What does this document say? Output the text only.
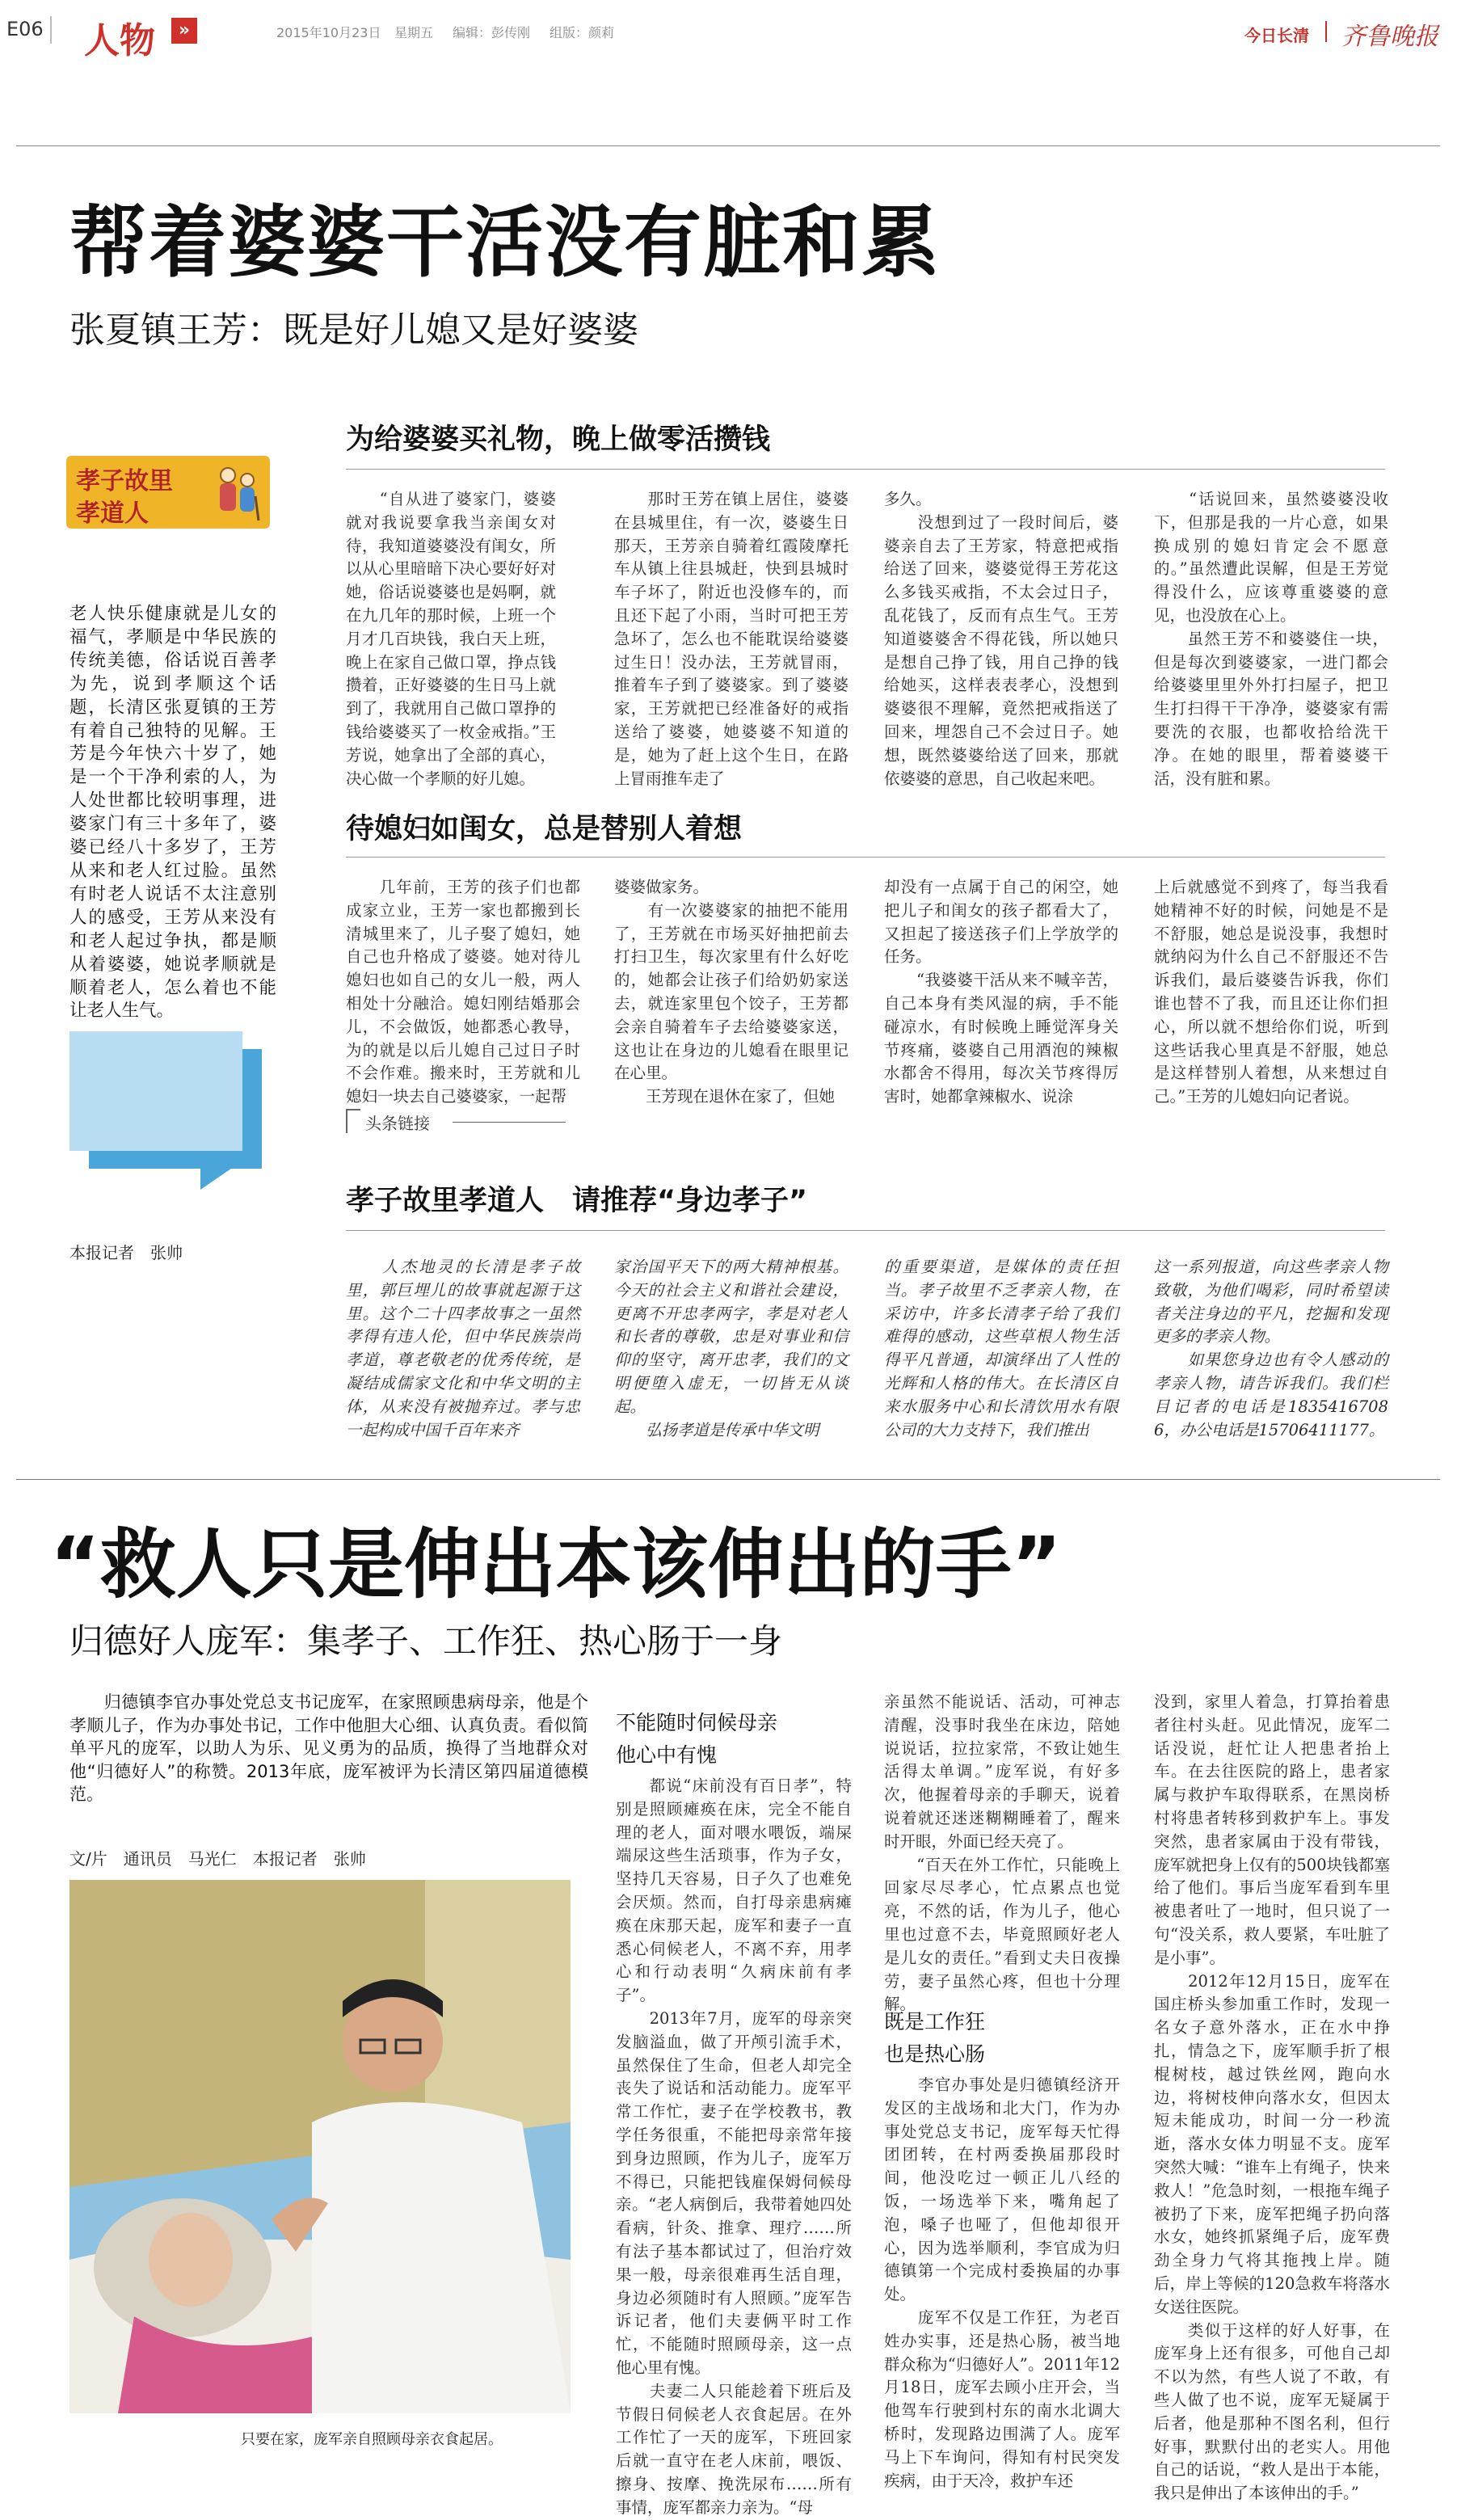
E06 人物	»	2015年10月23日 星期五 编辑：彭传刚 组版：颜莉	今日长清 齐鲁晚报
帮着婆婆干活没有脏和累
张夏镇王芳：既是好儿媳又是好婆婆
孝子故里
孝道人
老人快乐健康就是儿女的福气，孝顺是中华民族的传统美德，俗话说百善孝为先，说到孝顺这个话题，长清区张夏镇的王芳有着自己独特的见解。王芳是今年快六十岁了，她是一个干净利索的人，为人处世都比较明事理，进婆家门有三十多年了，婆婆已经八十多岁了，王芳从来和老人红过脸。虽然有时老人说话不太注意别人的感受，王芳从来没有和老人起过争执，都是顺从着婆婆，她说孝顺就是顺着老人，怎么着也不能让老人生气。
本报记者　张帅
为给婆婆买礼物，晚上做零活攒钱
　　“自从进了婆家门，婆婆就对我说要拿我当亲闺女对待，我知道婆婆没有闺女，所以从心里暗暗下决心要好好对她，俗话说婆婆也是妈啊，就在九几年的那时候，上班一个月才几百块钱，我白天上班，晚上在家自己做口罩，挣点钱攒着，正好婆婆的生日马上就到了，我就用自己做口罩挣的钱给婆婆买了一枚金戒指。”王芳说，她拿出了全部的真心，决心做一个孝顺的好儿媳。
　　那时王芳在镇上居住，婆婆在县城里住，有一次，婆婆生日那天，王芳亲自骑着红霞陵摩托车从镇上往县城赶，快到县城时车子坏了，附近也没修车的，而且还下起了小雨，当时可把王芳急坏了，怎么也不能耽误给婆婆过生日！没办法，王芳就冒雨，推着车子到了婆婆家。到了婆婆家，王芳就把已经准备好的戒指送给了婆婆，她婆婆不知道的是，她为了赶上这个生日，在路上冒雨推车走了
多久。
　　没想到过了一段时间后，婆婆亲自去了王芳家，特意把戒指给送了回来，婆婆觉得王芳花这么多钱买戒指，不太会过日子，乱花钱了，反而有点生气。王芳知道婆婆舍不得花钱，所以她只是想自己挣了钱，用自己挣的钱给她买，这样表表孝心，没想到婆婆很不理解，竟然把戒指送了回来，埋怨自己不会过日子。她想，既然婆婆给送了回来，那就依婆婆的意思，自己收起来吧。
　　“话说回来，虽然婆婆没收下，但那是我的一片心意，如果换成别的媳妇肯定会不愿意的。”虽然遭此误解，但是王芳觉得没什么，应该尊重婆婆的意见，也没放在心上。
　　虽然王芳不和婆婆住一块，但是每次到婆婆家，一进门都会给婆婆里里外外打扫屋子，把卫生打扫得干干净净，婆婆家有需要洗的衣服，也都收拾给洗干净。在她的眼里，帮着婆婆干活，没有脏和累。
待媳妇如闺女，总是替别人着想
　　几年前，王芳的孩子们也都成家立业，王芳一家也都搬到长清城里来了，儿子娶了媳妇，她自己也升格成了婆婆。她对待儿媳妇也如自己的女儿一般，两人相处十分融洽。媳妇刚结婚那会儿，不会做饭，她都悉心教导，为的就是以后儿媳自己过日子时不会作难。搬来时，王芳就和儿媳妇一块去自己婆婆家，一起帮
婆婆做家务。
　　有一次婆婆家的抽把不能用了，王芳就在市场买好抽把前去打扫卫生，每次家里有什么好吃的，她都会让孩子们给奶奶家送去，就连家里包个饺子，王芳都会亲自骑着车子去给婆婆家送，这也让在身边的儿媳看在眼里记在心里。
　　王芳现在退休在家了，但她
却没有一点属于自己的闲空，她把儿子和闺女的孩子都看大了，又担起了接送孩子们上学放学的任务。
　　“我婆婆干活从来不喊辛苦，自己本身有类风湿的病，手不能碰凉水，有时候晚上睡觉浑身关节疼痛，婆婆自己用酒泡的辣椒水都舍不得用，每次关节疼得厉害时，她都拿辣椒水、说涂
上后就感觉不到疼了，每当我看她精神不好的时候，问她是不是不舒服，她总是说没事，我想时就纳闷为什么自己不舒服还不告诉我们，最后婆婆告诉我，你们谁也替不了我，而且还让你们担心，所以就不想给你们说，听到这些话我心里真是不舒服，她总是这样替别人着想，从来想过自己。”王芳的儿媳妇向记者说。
头条链接
孝子故里孝道人　请推荐“身边孝子”
　　人杰地灵的长清是孝子故里，郭巨埋儿的故事就起源于这里。这个二十四孝故事之一虽然孝得有违人伦，但中华民族崇尚孝道，尊老敬老的优秀传统，是凝结成儒家文化和中华文明的主体，从来没有被抛弃过。孝与忠一起构成中国千百年来齐
家治国平天下的两大精神根基。今天的社会主义和谐社会建设，更离不开忠孝两字，孝是对老人和长者的尊敬，忠是对事业和信仰的坚守，离开忠孝，我们的文明便堕入虚无，一切皆无从谈起。
　　弘扬孝道是传承中华文明
的重要渠道，是媒体的责任担当。孝子故里不乏孝亲人物，在采访中，许多长清孝子给了我们难得的感动，这些草根人物生活得平凡普通，却演绎出了人性的光辉和人格的伟大。在长清区自来水服务中心和长清饮用水有限公司的大力支持下，我们推出
这一系列报道，向这些孝亲人物致敬，为他们喝彩，同时希望读者关注身边的平凡，挖掘和发现更多的孝亲人物。
　　如果您身边也有令人感动的孝亲人物，请告诉我们。我们栏目记者的电话是18354167086，办公电话是15706411177。
“救人只是伸出本该伸出的手”
归德好人庞军：集孝子、工作狂、热心肠于一身
　　归德镇李官办事处党总支书记庞军，在家照顾患病母亲，他是个孝顺儿子，作为办事处书记，工作中他胆大心细、认真负责。看似简单平凡的庞军，以助人为乐、见义勇为的品质，换得了当地群众对他“归德好人”的称赞。2013年底，庞军被评为长清区第四届道德模范。
文/片　通讯员　马光仁　本报记者　张帅
只要在家，庞军亲自照顾母亲衣食起居。
不能随时伺候母亲
他心中有愧
　　都说“床前没有百日孝”，特别是照顾瘫痪在床，完全不能自理的老人，面对喂水喂饭，端屎端尿这些生活琐事，作为子女，坚持几天容易，日子久了也难免会厌烦。然而，自打母亲患病瘫痪在床那天起，庞军和妻子一直悉心伺候老人，不离不弃，用孝心和行动表明“久病床前有孝子”。
　　2013年7月，庞军的母亲突发脑溢血，做了开颅引流手术，虽然保住了生命，但老人却完全丧失了说话和活动能力。庞军平常工作忙，妻子在学校教书，教学任务很重，不能把母亲常年接到身边照顾，作为儿子，庞军万不得已，只能把钱雇保姆伺候母亲。“老人病倒后，我带着她四处看病，针灸、推拿、理疗……所有法子基本都试过了，但治疗效果一般，母亲很难再生活自理，身边必须随时有人照顾。”庞军告诉记者，他们夫妻俩平时工作忙，不能随时照顾母亲，这一点他心里有愧。
　　夫妻二人只能趁着下班后及节假日伺候老人衣食起居。在外工作忙了一天的庞军，下班回家后就一直守在老人床前，喂饭、擦身、按摩、挽洗尿布……所有事情，庞军都亲力亲为。“母
亲虽然不能说话、活动，可神志清醒，没事时我坐在床边，陪她说说话，拉拉家常，不致让她生活得太单调。”庞军说，有好多次，他握着母亲的手聊天，说着说着就还迷迷糊糊睡着了，醒来时开眼，外面已经天亮了。
　　“百天在外工作忙，只能晚上回家尽尽孝心，忙点累点也觉亮，不然的话，作为儿子，他心里也过意不去，毕竟照顾好老人是儿女的责任。”看到丈夫日夜操劳，妻子虽然心疼，但也十分理解。
既是工作狂
也是热心肠
　　李官办事处是归德镇经济开发区的主战场和北大门，作为办事处党总支书记，庞军每天忙得团团转，在村两委换届那段时间，他没吃过一顿正儿八经的饭，一场选举下来，嘴角起了泡，嗓子也哑了，但他却很开心，因为选举顺利，李官成为归德镇第一个完成村委换届的办事处。
　　庞军不仅是工作狂，为老百姓办实事，还是热心肠，被当地群众称为“归德好人”。2011年12月18日，庞军去顾小庄开会，当他驾车行驶到村东的南水北调大桥时，发现路边围满了人。庞军马上下车询问，得知有村民突发疾病，由于天冷，救护车还
没到，家里人着急，打算抬着患者往村头赶。见此情况，庞军二话没说，赶忙让人把患者抬上车。在去往医院的路上，患者家属与救护车取得联系，在黑岗桥村将患者转移到救护车上。事发突然，患者家属由于没有带钱，庞军就把身上仅有的500块钱都塞给了他们。事后当庞军看到车里被患者吐了一地时，但只说了一句“没关系，救人要紧，车吐脏了是小事”。
　　2012年12月15日，庞军在国庄桥头参加重工作时，发现一名女子意外落水，正在水中挣扎，情急之下，庞军顺手折了根棍树枝，越过铁丝网，跑向水边，将树枝伸向落水女，但因太短未能成功，时间一分一秒流逝，落水女体力明显不支。庞军突然大喊：“谁车上有绳子，快来救人！”危急时刻，一根拖车绳子被扔了下来，庞军把绳子扔向落水女，她终抓紧绳子后，庞军费劲全身力气将其拖拽上岸。随后，岸上等候的120急救车将落水女送往医院。
　　类似于这样的好人好事，在庞军身上还有很多，可他自己却不以为然，有些人说了不敢，有些人做了也不说，庞军无疑属于后者，他是那种不图名利，但行好事，默默付出的老实人。用他自己的话说，“救人是出于本能，我只是伸出了本该伸出的手。”
